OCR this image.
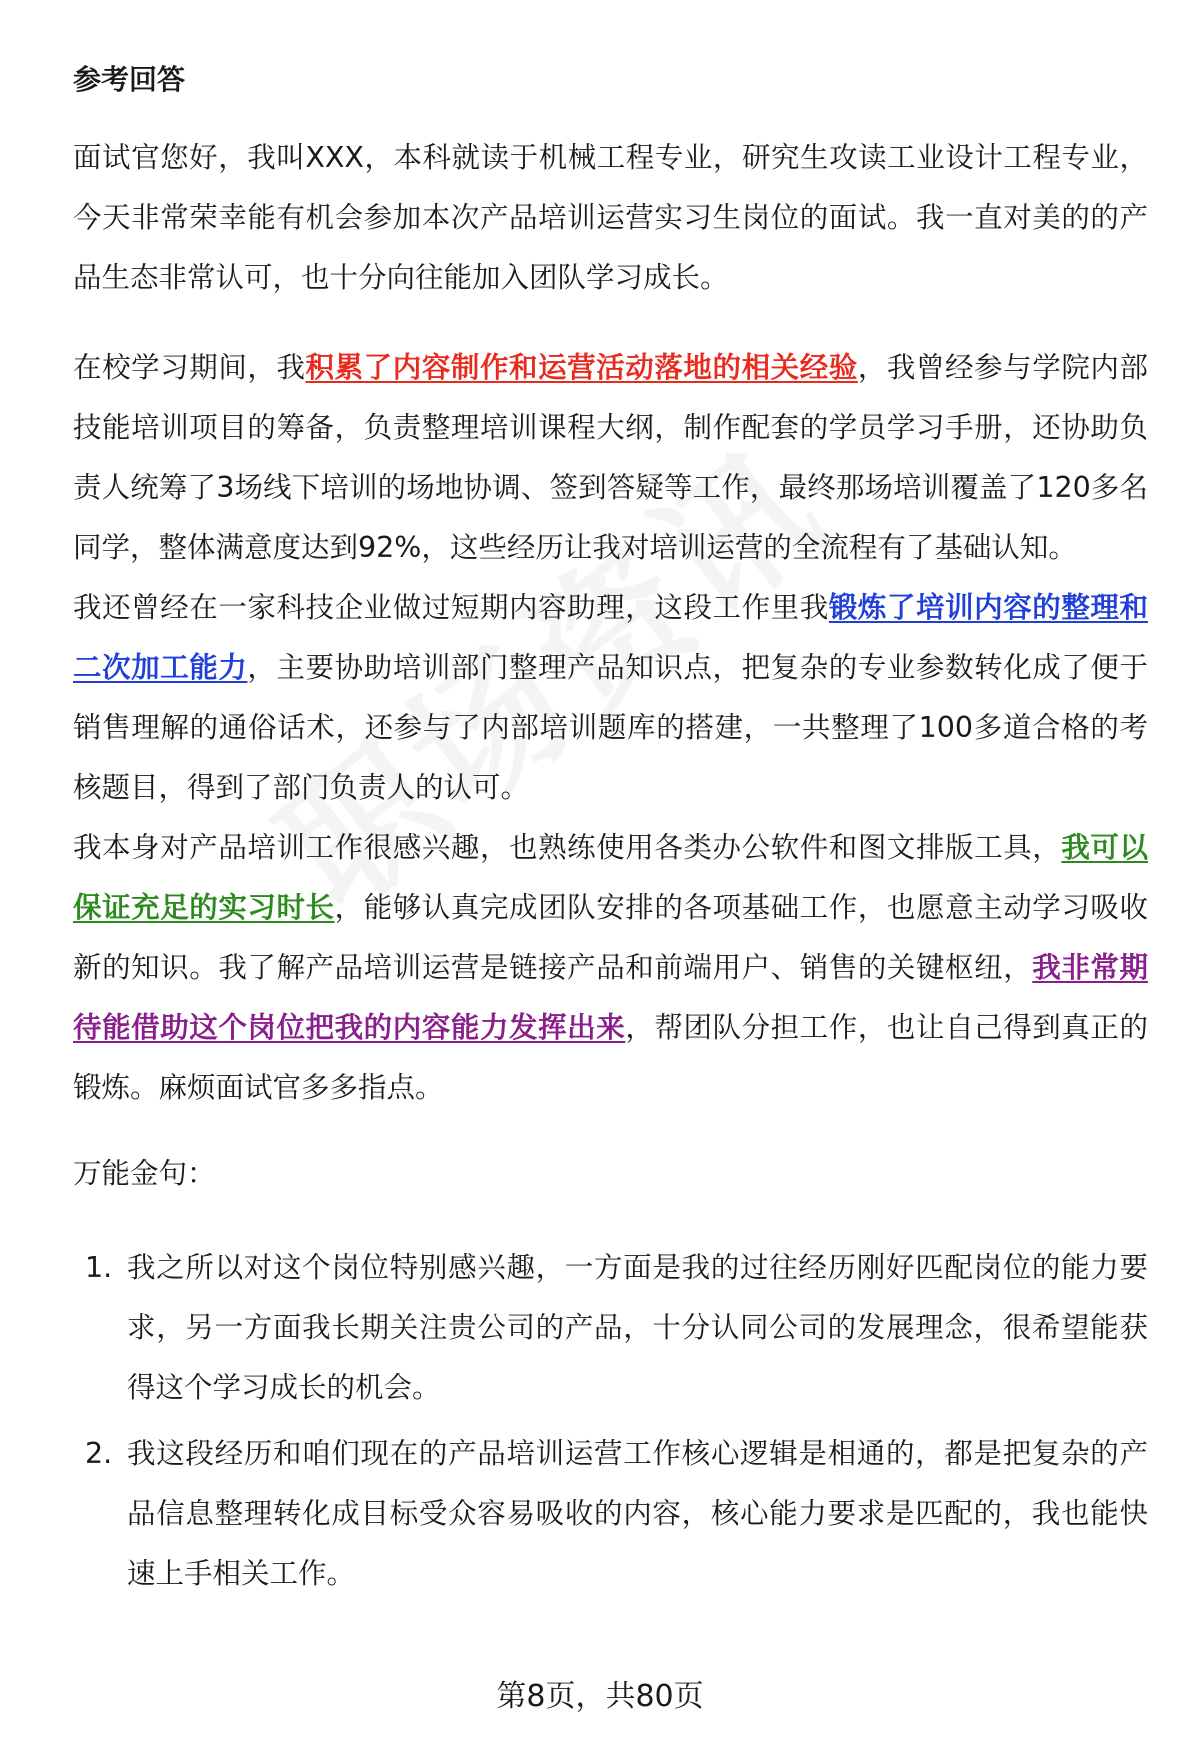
参考回答

面试官您好，我叫XXX，本科就读于机械工程专业，研究生攻读工业设计工程专业，今天非常荣幸能有机会参加本次产品培训运营实习生岗位的面试。我一直对美的的产品生态非常认可，也十分向往能加入团队学习成长。

在校学习期间，我积累了内容制作和运营活动落地的相关经验，我曾经参与学院内部技能培训项目的筹备，负责整理培训课程大纲，制作配套的学员学习手册，还协助负责人统筹了3场线下培训的场地协调、签到答疑等工作，最终那场培训覆盖了120多名同学，整体满意度达到92%，这些经历让我对培训运营的全流程有了基础认知。

我还曾经在一家科技企业做过短期内容助理，这段工作里我锻炼了培训内容的整理和二次加工能力，主要协助培训部门整理产品知识点，把复杂的专业参数转化成了便于销售理解的通俗话术，还参与了内部培训题库的搭建，一共整理了100多道合格的考核题目，得到了部门负责人的认可。

我本身对产品培训工作很感兴趣，也熟练使用各类办公软件和图文排版工具，我可以保证充足的实习时长，能够认真完成团队安排的各项基础工作，也愿意主动学习吸收新的知识。我了解产品培训运营是链接产品和前端用户、销售的关键枢纽，我非常期待能借助这个岗位把我的内容能力发挥出来，帮团队分担工作，也让自己得到真正的锻炼。麻烦面试官多多指点。

万能金句：

1. 我之所以对这个岗位特别感兴趣，一方面是我的过往经历刚好匹配岗位的能力要求，另一方面我长期关注贵公司的产品，十分认同公司的发展理念，很希望能获得这个学习成长的机会。
2. 我这段经历和咱们现在的产品培训运营工作核心逻辑是相通的，都是把复杂的产品信息整理转化成目标受众容易吸收的内容，核心能力要求是匹配的，我也能快速上手相关工作。
第8页，共80页
